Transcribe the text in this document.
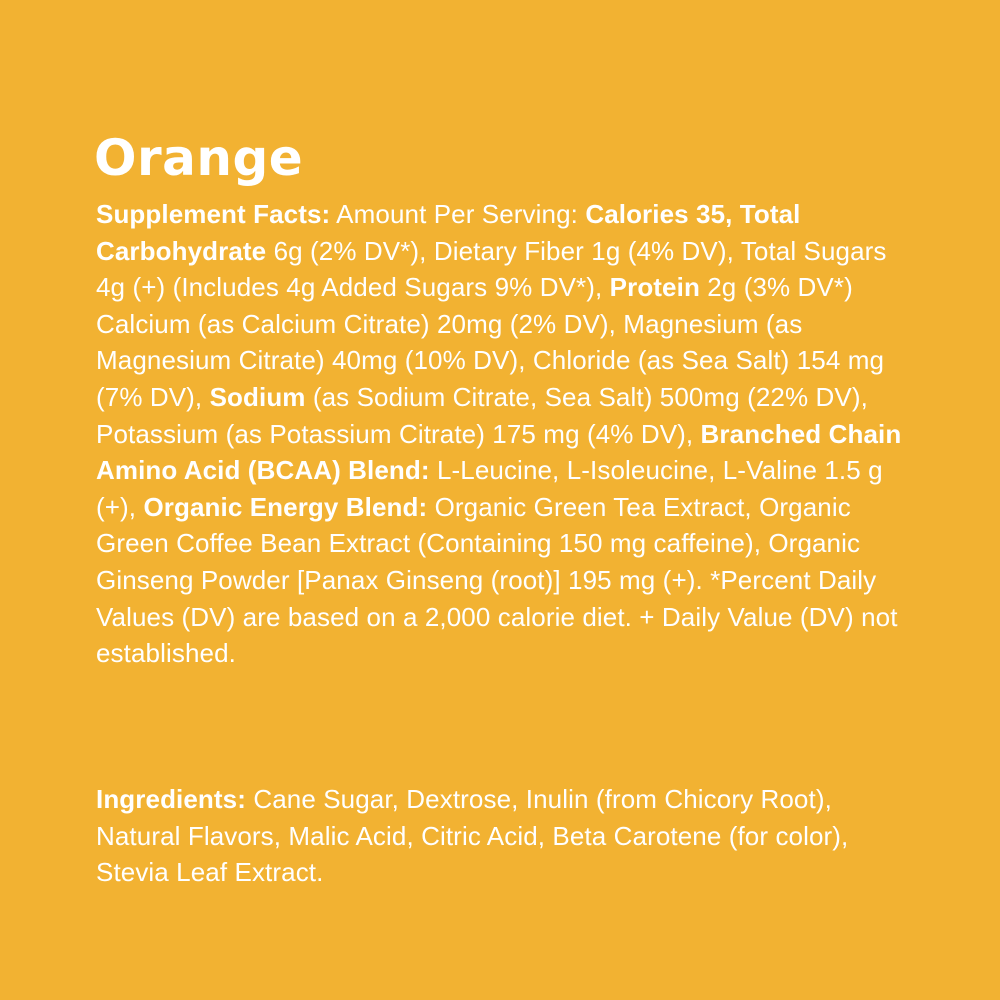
Orange

Supplement Facts: Amount Per Serving: Calories 35, Total Carbohydrate 6g (2% DV*), Dietary Fiber 1g (4% DV), Total Sugars 4g (+) (Includes 4g Added Sugars 9% DV*), Protein 2g (3% DV*) Calcium (as Calcium Citrate) 20mg (2% DV), Magnesium (as Magnesium Citrate) 40mg (10% DV), Chloride (as Sea Salt) 154 mg (7% DV), Sodium (as Sodium Citrate, Sea Salt) 500mg (22% DV), Potassium (as Potassium Citrate) 175 mg (4% DV), Branched Chain Amino Acid (BCAA) Blend: L-Leucine, L-Isoleucine, L-Valine 1.5 g (+), Organic Energy Blend: Organic Green Tea Extract, Organic Green Coffee Bean Extract (Containing 150 mg caffeine), Organic Ginseng Powder [Panax Ginseng (root)] 195 mg (+). *Percent Daily Values (DV) are based on a 2,000 calorie diet. + Daily Value (DV) not established.

Ingredients: Cane Sugar, Dextrose, Inulin (from Chicory Root), Natural Flavors, Malic Acid, Citric Acid, Beta Carotene (for color), Stevia Leaf Extract.
